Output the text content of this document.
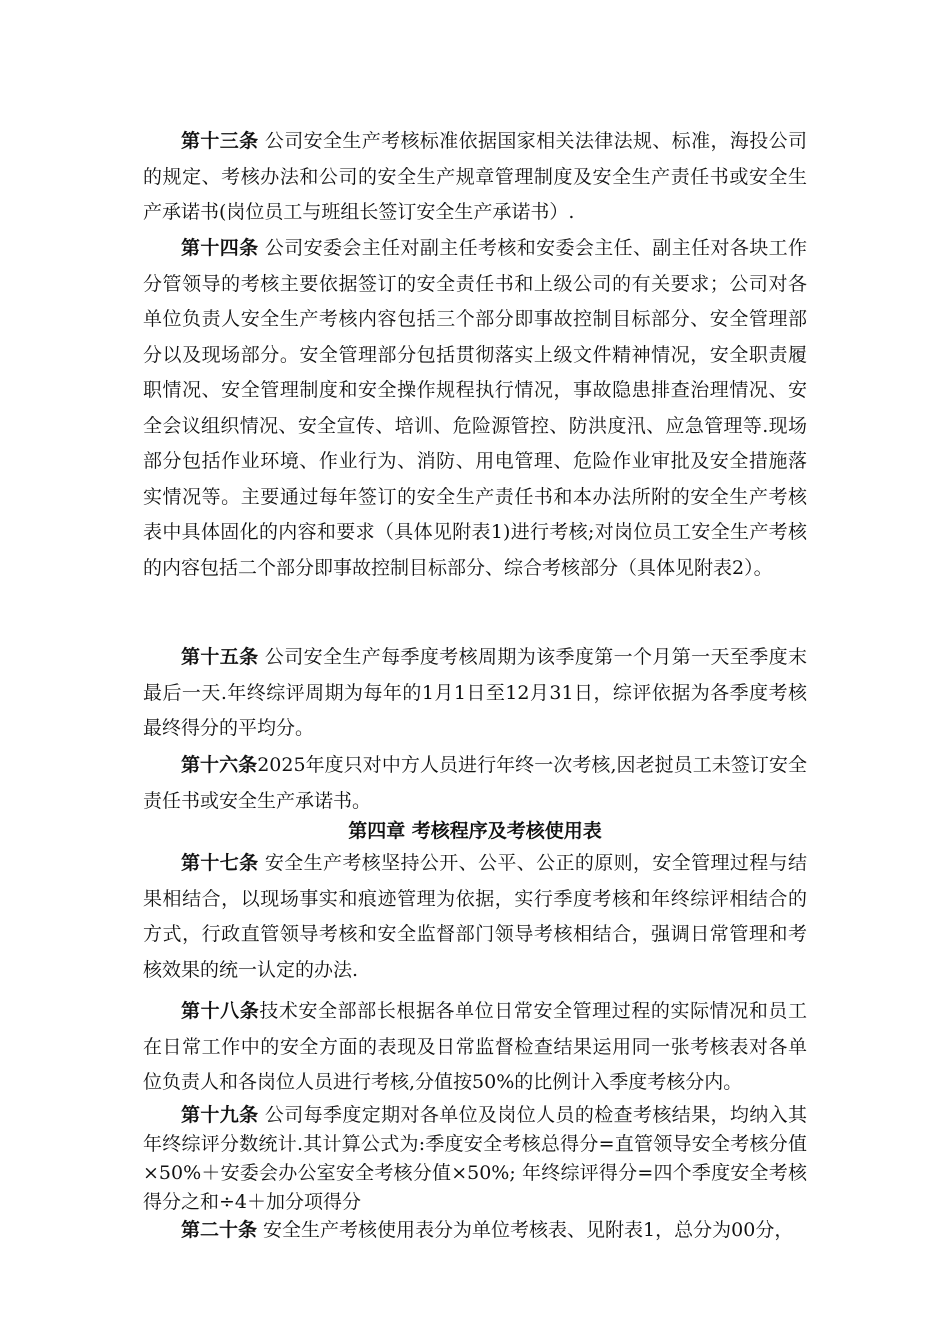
第十三条 公司安全生产考核标准依据国家相关法律法规、标准，海投公司的规定、考核办法和公司的安全生产规章管理制度及安全生产责任书或安全生产承诺书(岗位员工与班组长签订安全生产承诺书）.

第十四条 公司安委会主任对副主任考核和安委会主任、副主任对各块工作分管领导的考核主要依据签订的安全责任书和上级公司的有关要求；公司对各单位负责人安全生产考核内容包括三个部分即事故控制目标部分、安全管理部分以及现场部分。安全管理部分包括贯彻落实上级文件精神情况，安全职责履职情况、安全管理制度和安全操作规程执行情况，事故隐患排查治理情况、安全会议组织情况、安全宣传、培训、危险源管控、防洪度汛、应急管理等.现场部分包括作业环境、作业行为、消防、用电管理、危险作业审批及安全措施落实情况等。主要通过每年签订的安全生产责任书和本办法所附的安全生产考核表中具体固化的内容和要求（具体见附表1)进行考核;对岗位员工安全生产考核的内容包括二个部分即事故控制目标部分、综合考核部分（具体见附表2）。

第十五条 公司安全生产每季度考核周期为该季度第一个月第一天至季度末最后一天.年终综评周期为每年的1月1日至12月31日，综评依据为各季度考核最终得分的平均分。

第十六条2025年度只对中方人员进行年终一次考核,因老挝员工未签订安全责任书或安全生产承诺书。

第四章 考核程序及考核使用表

第十七条 安全生产考核坚持公开、公平、公正的原则，安全管理过程与结果相结合，以现场事实和痕迹管理为依据，实行季度考核和年终综评相结合的方式，行政直管领导考核和安全监督部门领导考核相结合，强调日常管理和考核效果的统一认定的办法.

第十八条技术安全部部长根据各单位日常安全管理过程的实际情况和员工在日常工作中的安全方面的表现及日常监督检查结果运用同一张考核表对各单位负责人和各岗位人员进行考核,分值按50%的比例计入季度考核分内。

第十九条 公司每季度定期对各单位及岗位人员的检查考核结果，均纳入其年终综评分数统计.其计算公式为:季度安全考核总得分=直管领导安全考核分值×50%＋安委会办公室安全考核分值×50%; 年终综评得分=四个季度安全考核得分之和÷4＋加分项得分

第二十条 安全生产考核使用表分为单位考核表、见附表1，总分为00分，
